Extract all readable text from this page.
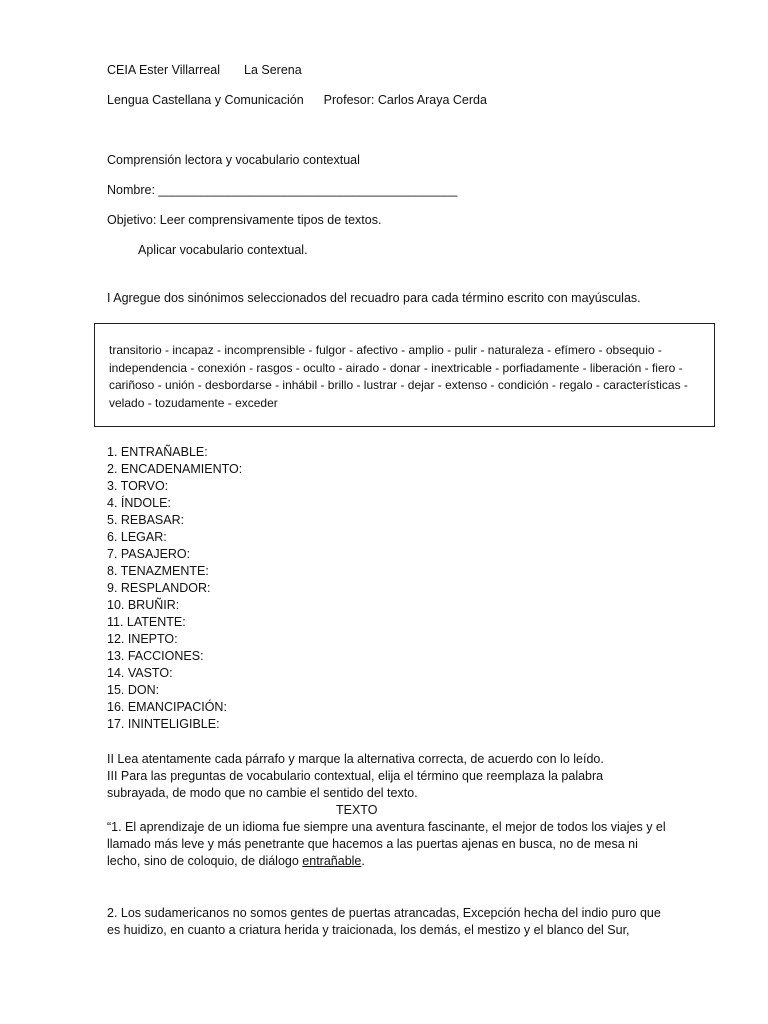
CEIA Ester Villarreal La Serena
Lengua Castellana y Comunicación Profesor: Carlos Araya Cerda
Comprensión lectora y vocabulario contextual
Nombre: ___________________________________________
Objetivo: Leer comprensivamente tipos de textos.
Aplicar vocabulario contextual.
I Agregue dos sinónimos seleccionados del recuadro para cada término escrito con mayúsculas.
transitorio - incapaz - incomprensible - fulgor - afectivo - amplio - pulir - naturaleza - efímero - obsequio - independencia - conexión - rasgos - oculto - airado - donar - inextricable - porfiadamente - liberación - fiero - cariñoso - unión - desbordarse - inhábil - brillo - lustrar - dejar - extenso - condición - regalo - características - velado - tozudamente - exceder
1. ENTRAÑABLE:
2. ENCADENAMIENTO:
3. TORVO:
4. ÍNDOLE:
5. REBASAR:
6. LEGAR:
7. PASAJERO:
8. TENAZMENTE:
9. RESPLANDOR:
10. BRUÑIR:
11. LATENTE:
12. INEPTO:
13. FACCIONES:
14. VASTO:
15. DON:
16. EMANCIPACIÓN:
17. ININTELIGIBLE:
II Lea atentamente cada párrafo y marque la alternativa correcta, de acuerdo con lo leído.
III Para las preguntas de vocabulario contextual, elija el término que reemplaza la palabra
subrayada, de modo que no cambie el sentido del texto.
TEXTO
“1. El aprendizaje de un idioma fue siempre una aventura fascinante, el mejor de todos los viajes y el llamado más leve y más penetrante que hacemos a las puertas ajenas en busca, no de mesa ni lecho, sino de coloquio, de diálogo entrañable.
2. Los sudamericanos no somos gentes de puertas atrancadas, Excepción hecha del indio puro que es huidizo, en cuanto a criatura herida y traicionada, los demás, el mestizo y el blanco del Sur,
